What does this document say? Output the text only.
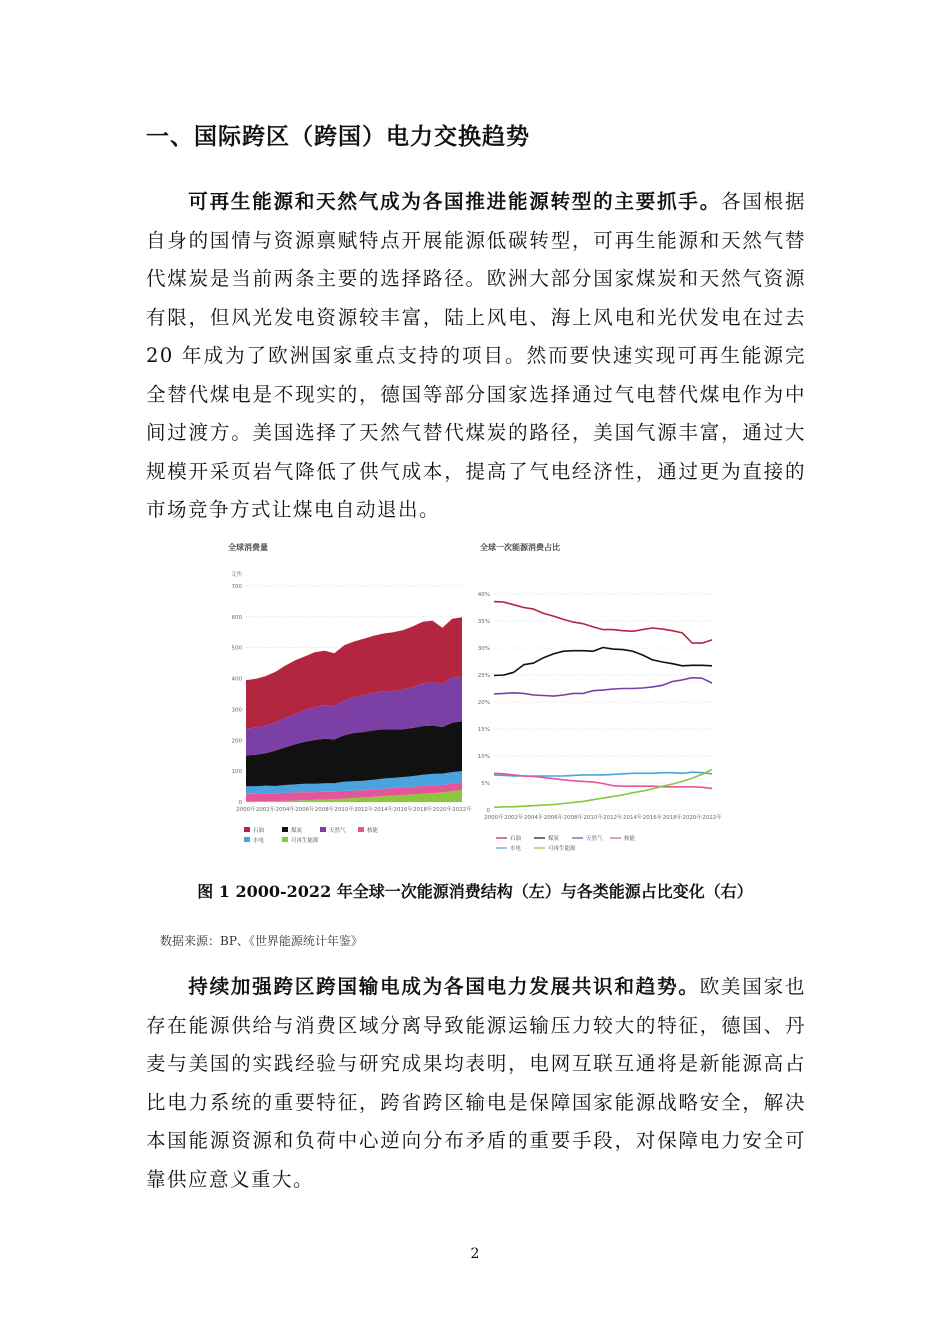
一、国际跨区（跨国）电力交换趋势
可再生能源和天然气成为各国推进能源转型的主要抓手。各国根据自身的国情与资源禀赋特点开展能源低碳转型，可再生能源和天然气替代煤炭是当前两条主要的选择路径。欧洲大部分国家煤炭和天然气资源有限，但风光发电资源较丰富，陆上风电、海上风电和光伏发电在过去 20 年成为了欧洲国家重点支持的项目。然而要快速实现可再生能源完全替代煤电是不现实的，德国等部分国家选择通过气电替代煤电作为中间过渡方。美国选择了天然气替代煤炭的路径，美国气源丰富，通过大规模开采页岩气降低了供气成本，提高了气电经济性，通过更为直接的市场竞争方式让煤电自动退出。
全球消费量
艾焦
0
100
200
300
400
500
600
700
2000年 2002年 2004年 2006年 2008年 2010年 2012年 2014年 2016年 2018年 2020年 2022年
石油	煤炭	天然气	核能
水电	可再生能源
全球一次能源消费占比
0
5%
10%
15%
20%
25%
30%
35%
40%
2000年 2002年 2004年 2006年 2008年 2010年 2012年 2014年 2016年 2018年 2020年 2022年
石油	煤炭	天然气	核能
水电	可再生能源
图 1 2000-2022 年全球一次能源消费结构（左）与各类能源占比变化（右）
数据来源：BP、《世界能源统计年鉴》
持续加强跨区跨国输电成为各国电力发展共识和趋势。欧美国家也存在能源供给与消费区域分离导致能源运输压力较大的特征，德国、丹麦与美国的实践经验与研究成果均表明，电网互联互通将是新能源高占比电力系统的重要特征，跨省跨区输电是保障国家能源战略安全，解决本国能源资源和负荷中心逆向分布矛盾的重要手段，对保障电力安全可靠供应意义重大。
2
